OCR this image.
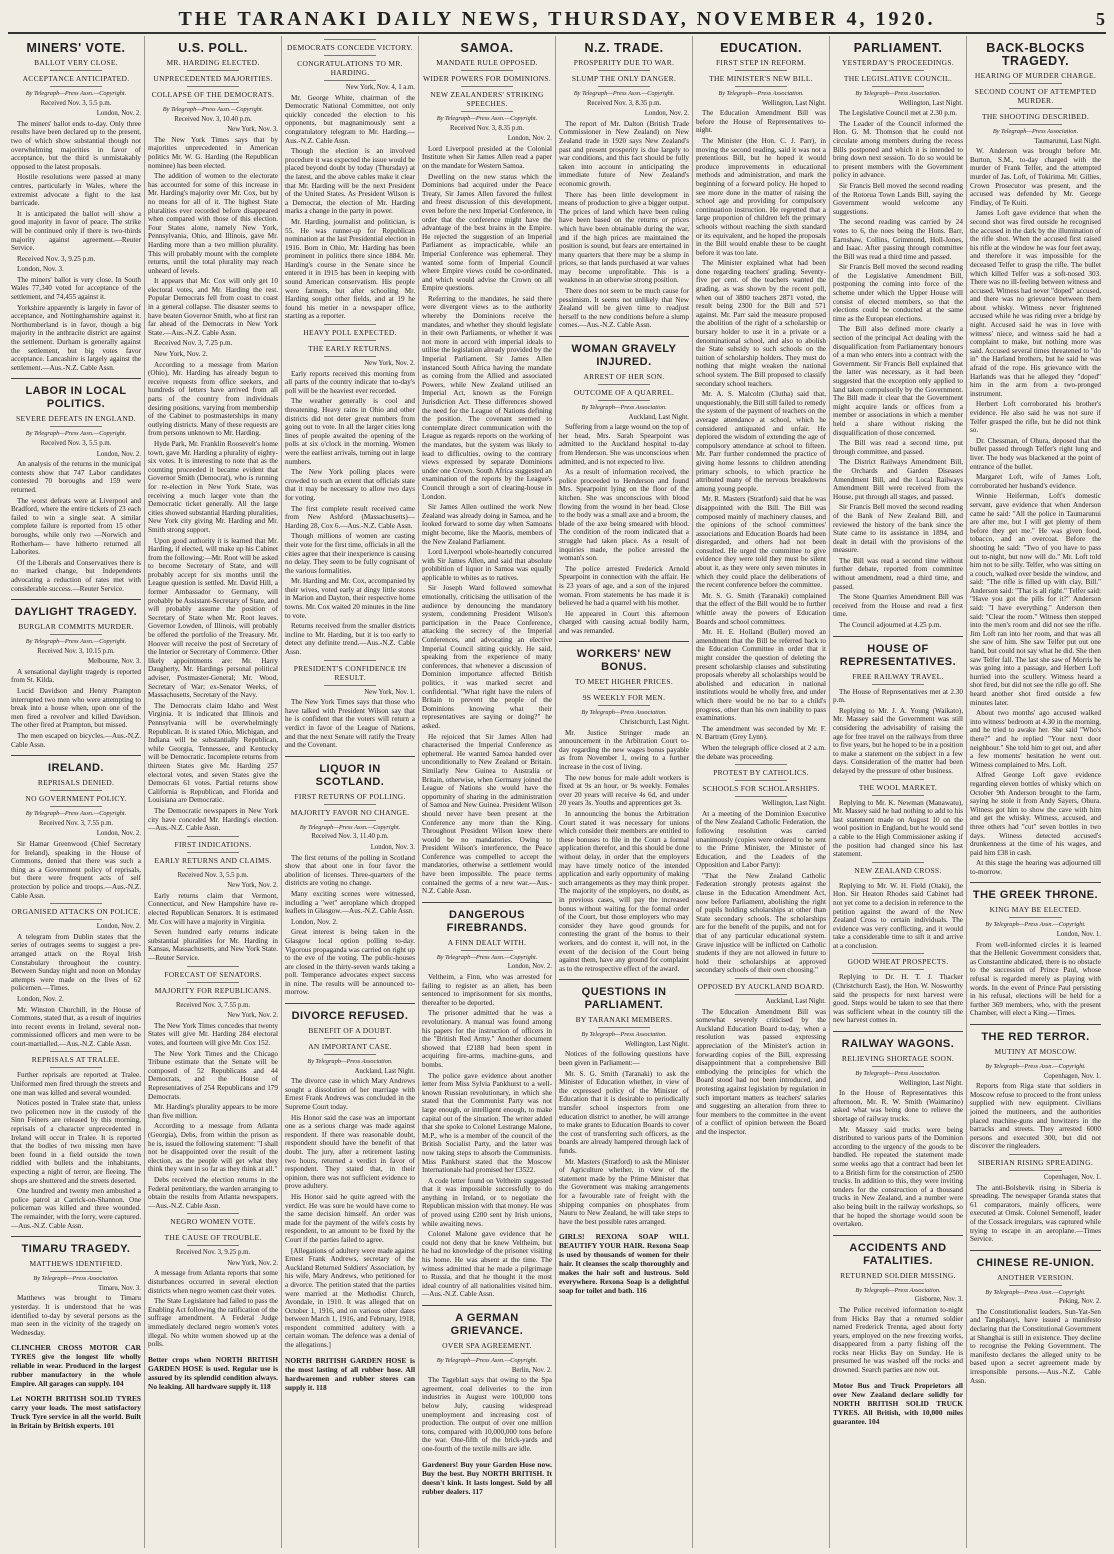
THE TARANAKI DAILY NEWS, THURSDAY, NOVEMBER 4, 1920.	5
MINERS' VOTE.
BALLOT VERY CLOSE.
ACCEPTANCE ANTICIPATED.
By Telegraph—Press Assn.—Copyright.
Received Nov. 3, 5.5 p.m.
London, Nov. 2.

The miners' ballot ends to-day. Only three results have been declared up to the present, two of which show substantial though not overwhelming majorities in favor of acceptance, but the third is unmistakably opposed to the latest proposals.

Hostile resolutions were passed at many centres, particularly in Wales, where the extremist advocate a fight to the last barricade.

It is anticipated the ballot will show a good majority in favor of peace. The strike will be continued only if there is two-thirds majority against agreement.—Reuter Service.

Received Nov. 3, 9.25 p.m.

London, Nov. 3.

The miners' ballot is very close. In South Wales 77,340 voted for acceptance of the settlement, and 74,455 against it.

Yorkshire apparently is largely in favor of acceptance, and Nottinghamshire against it. Northumberland is in favor, though a big majority in the anthracite district are against the settlement. Durham is generally against the settlement, but big votes favor acceptance. Lancashire is largely against the settlement.—Aus.-N.Z. Cable Assn.

LABOR IN LOCAL POLITICS.
SEVERE DEFEATS IN ENGLAND.
By Telegraph—Press Assn.—Copyright.
Received Nov. 3, 5.5 p.m.
London, Nov. 2.

An analysis of the returns in the municipal contests show that 747 Labor candidates contested 70 boroughs and 159 were returned.

The worst defeats were at Liverpool and Bradford, where the entire tickets of 23 each failed to win a single seat. A similar complete failure is reported from 15 other boroughs, while only two —Norwich and Rotherham— have hitherto returned all Laborites.

Of the Liberals and Conservatives there is no marked change, but Independents advocating a reduction of rates met with considerable success.—Reuter Service.

DAYLIGHT TRAGEDY.
BURGLAR COMMITS MURDER.
By Telegraph—Press Assn.—Copyright.
Received Nov. 3, 10.15 p.m.
Melbourne, Nov. 3.

A sensational daylight tragedy is reported from St. Kilda.

Lucid Davidson and Henry Prampton interrupted two men who were attempting to break into a house when, upon one of the men fired a revolver and killed Davidson. The other fired at Prampton, but missed.

The men escaped on bicycles.—Aus.-N.Z. Cable Assn.

IRELAND.
REPRISALS DENIED.
NO GOVERNMENT POLICY.
By Telegraph—Press Assn.—Copyright.
Received Nov. 3, 7.55 p.m.
London, Nov. 2.

Sir Hamar Greenwood (Chief Secretary for Ireland), speaking in the House of Commons, denied that there was such a thing as a Government policy of reprisals, but there were frequent acts of self protection by police and troops.—Aus.-N.Z. Cable Assn.

ORGANISED ATTACKS ON POLICE.
London, Nov. 2.

A telegram from Dublin states that the series of outrages seems to suggest a pre-arranged attack on the Royal Irish Constabulary throughout the country. Between Sunday night and noon on Monday attempts were made on the lives of 62 policemen.—Times.

London, Nov. 2.

Mr. Winston Churchill, in the House of Commons, stated that, as a result of inquiries into recent events in Ireland, several non-commissioned officers and men were to be court-martialled.—Aus.-N.Z. Cable Assn.

REPRISALS AT TRALEE.

Further reprisals are reported at Tralee. Uniformed men fired through the streets and one man was killed and several wounded.

Notices posted in Tralee state that, unless two policemen now in the custody of the Sinn Feiners are released by this morning, reprisals of a character unprecedented in Ireland will occur in Tralee. It is reported that the bodies of two missing men have been found in a field outside the town riddled with bullets and the inhabitants, expecting a night of terror, are fleeing. The shops are shuttered and the streets deserted.

One hundred and twenty men ambushed a police patrol at Carrick-on-Shannon. One policeman was killed and three wounded. The remainder, with the lorry, were captured.—Aus.-N.Z. Cable Assn.

TIMARU TRAGEDY.
MATTHEWS IDENTIFIED.
By Telegraph—Press Association.
Timaru, Nov. 3.

Matthews was brought to Timaru yesterday. It is understood that he was identified to-day by several persons as the man seen in the vicinity of the tragedy on Wednesday.

CLINCHER CROSS MOTOR CAR TYRES give the longest life wholly reliable in wear. Produced in the largest rubber manufactory in the whole Empire. All garages can supply. 104
Let NORTH BRITISH SOLID TYRES carry your loads. The most satisfactory Truck Tyre service in all the world. Built in Britain by British experts. 101
U.S. POLL.
MR. HARDING ELECTED.
UNPRECEDENTED MAJORITIES.
COLLAPSE OF THE DEMOCRATS.
By Telegraph—Press Assn.—Copyright.
Received Nov. 3, 10.40 p.m.
New York, Nov. 3.

The New York Times says that by majorities unprecedented in American politics Mr. W. G. Harding (the Republican nominee) has been elected.

The addition of women to the electorate has accounted for some of this increase in Mr. Harding's majority over Mr. Cox, but by no means for all of it. The highest State pluralities ever recorded before disappeared when compared with those of this election. Four States alone, namely New York, Pennsylvania, Ohio, and Illinois, gave Mr. Harding more than a two million plurality. This will probably mount with the complete returns, until the total plurality may reach unheard of levels.

It appears that Mr. Cox will only get 10 electoral votes, and Mr. Harding the rest. Popular Democrats fell from coast to coast in a general collapse. The disaster seems to have beaten Governor Smith, who at first ran far ahead of the Democrats in New York State.—Aus.-N.Z. Cable Assn.

Received Nov. 3, 7.25 p.m.

New York, Nov. 2.

According to a message from Marion (Ohio), Mr. Harding has already begun to receive requests from office seekers, and hundreds of letters have arrived from all parts of the country from individuals desiring positions, varying from membership of the Cabinet to postmasterships in many outlying districts. Many of these requests are from persons unknown to Mr. Harding.

Hyde Park, Mr. Franklin Roosevelt's home town, gave Mr. Harding a plurality of eighty-six votes. It is interesting to note that as the counting proceeded it became evident that Governor Smith (Democrat), who is running for re-election in New York State, was receiving a much larger vote than the Democratic ticket generally. All the large cities showed substantial Harding pluralities, New York city giving Mr. Harding and Mr. Smith strong support.

Upon good authority it is learned that Mr. Harding, if elected, will make up his Cabinet from the following:—Mr. Root will be asked to become Secretary of State, and will probably accept for six months until the League question is settled. Mr. David Hill, a former Ambassador to Germany, will probably be Assistant-Secretary of State, and will probably assume the position of Secretary of State when Mr. Root leaves. Governor Lowden, of Illinois, will probably be offered the portfolio of the Treasury. Mr. Hoover will receive the post of Secretary of the Interior or Secretary of Commerce. Other likely appointments are: Mr. Harry Daugherty, Mr. Hardings personal political adviser, Postmaster-General; Mr. Wood, Secretary of War; ex-Senator Weeks, of Massachusetts, Secretary of the Navy.

The Democrats claim Idaho and West Virginia. It is indicated that Illinois and Pennsylvania will be overwhelmingly Republican. It is stated Ohio, Michigan, and Indiana will be substantially Republican, while Georgia, Tennessee, and Kentucky will be Democratic. Incomplete returns from thirteen States give Mr. Harding 257 electoral votes, and seven States give the Democrats 61 votes. Partial returns show California is Republican, and Florida and Louisiana are Democratic.

The Democratic newspapers in New York city have conceded Mr. Harding's election.—Aus.-N.Z. Cable Assn.

FIRST INDICATIONS.
EARLY RETURNS AND CLAIMS.
Received Nov. 3, 5.5 p.m.
New York, Nov. 2.

Early returns claim that Vermont, Connecticut, and New Hampshire have re-elected Republican Senators. It is estimated Mr. Cox will have a majority in Virginia.

Seven hundred early returns indicate substantial pluralities for Mr. Harding in Kansas, Massachusetts, and New York State.—Reuter Service.

FORECAST OF SENATORS.
MAJORITY FOR REPUBLICANS.
Received Nov. 3, 7.55 p.m.
New York, Nov. 2.

The New York Times concedes that twenty States will give Mr. Harding 284 electoral votes, and fourteen will give Mr. Cox 152.

The New York Times and the Chicago Tribune estimate that the Senate will be composed of 52 Republicans and 44 Democrats, and the House of Representatives of 254 Republicans and 179 Democrats.

Mr. Harding's plurality appears to be more than five million.

According to a message from Atlanta (Georgia), Debs, from within the prison as he is, issued the following statement: "I shall not be disappointed over the result of the election, as the people will get what they think they want in so far as they think at all."

Debs received the election returns in the Federal penitentiary, the warden arranging to obtain the results from Atlanta newspapers.—Aus.-N.Z. Cable Assn.

NEGRO WOMEN VOTE.
THE CAUSE OF TROUBLE.
Received Nov. 3, 9.25 p.m.
New York, Nov. 2.

A message from Atlanta reports that some disturbances occurred in several election districts when negro women cast their votes.

The State Legislature had failed to pass the Enabling Act following the ratification of the suffrage amendment. A Federal Judge immediately declared negro women's votes illegal. No white women showed up at the polls.

Better crops when NORTH BRITISH GARDEN HOSE is used. Regular use is assured by its splendid condition always. No leaking. All hardware supply it. 118
DEMOCRATS CONCEDE VICTORY.
CONGRATULATIONS TO MR. HARDING.
New York, Nov. 4, 1 a.m.

Mr. George White, chairman of the Democratic National Committee, not only quickly conceded the election to his opponents, but magnanimously sent a congratulatory telegram to Mr. Harding.—Aus.-N.Z. Cable Assn.

Though the election is an involved procedure it was expected the issue would be placed beyond doubt by today (Thursday) at the latest, and the above cables make it clear that Mr. Harding will be the next President of the United States. As President Wilson is a Democrat, the election of Mr. Harding marks a change in the party in power.

Mr. Harding, journalist and politician, is 55. He was runner-up for Republican nomination at the last Presidential election in 1916. Born in Ohio, Mr. Harding has been prominent in politics there since 1884. Mr. Harding's course in the Senate since he entered it in 1915 has been in keeping with sound American conservatism. His people were farmers, but after schooling Mr. Harding sought other fields, and at 19 he found his metier in a newspaper office, starting as a reporter.

HEAVY POLL EXPECTED.
THE EARLY RETURNS.
New York, Nov. 2.

Early reports received this morning from all parts of the country indicate that to-day's poll will be the heaviest ever recorded.

The weather generally is cool and threatening. Heavy rains in Ohio and other districts did not deter great numbers from going out to vote. In all the larger cities long lines of people awaited the opening of the polls at six o'clock in the morning. Women were the earliest arrivals, turning out in large numbers.

The New York polling places were crowded to such an extent that officials state that it may be necessary to allow two days for voting.

The first complete result received came from New Ashford (Massachusetts)—Harding 28, Cox 6.—Aus.-N.Z. Cable Assn.

Though millions of women are casting their vote for the first time, officials in all the cities agree that their inexperience is causing no delay. They seem to be fully cognisant of the various formalities.

Mr. Harding and Mr. Cox, accompanied by their wives, voted early at dingy little stores in Marion and Dayton, their respective home towns. Mr. Cox waited 20 minutes in the line to vote.

Returns received from the smaller districts incline to Mr. Harding, but it is too early to detect any definite trend.—Aus.-N.Z. Cable Assn.

PRESIDENT'S CONFIDENCE IN RESULT.
New York, Nov. 1.

The New York Times says that those who have talked with President Wilson say that he is confident that the voters will return a verdict in favor of the League of Nations, and that the next Senate will ratify the Treaty and the Covenant.

LIQUOR IN SCOTLAND.
FIRST RETURNS OF POLLING.
MAJORITY FAVOR NO CHANGE.
By Telegraph—Press Assn.—Copyright.
Received Nov. 3, 11.40 p.m.
London, Nov. 3.

The first returns of the polling in Scotland show that about one in four favor the abolition of licenses. Three-quarters of the districts are voting no change.

Many exciting scenes were witnessed, including a "wet" aeroplane which dropped leaflets in Glasgow.—Aus.-N.Z. Cable Assn.

London, Nov. 2.

Great interest is being taken in the Glasgow local option polling to-day. Vigorous propaganda was carried on right up to the eve of the voting. The public-houses are closed in the thirty-seven wards taking a poll. Temperance advocates expect success in nine. The results will be announced to-morrow.

DIVORCE REFUSED.
BENEFIT OF A DOUBT.
AN IMPORTANT CASE.
By Telegraph—Press Association.
Auckland, Last Night.

The divorce case in which Mary Andrews sought a dissolution of her marriage with Ernest Frank Andrews was concluded in the Supreme Court today.

His Honor said the case was an important one as a serious charge was made against respondent. If there was reasonable doubt, respondent should have the benefit of that doubt. The jury, after a retirement lasting two hours, returned a verdict in favor of respondent. They stated that, in their opinion, there was not sufficient evidence to prove adultery.

His Honor said he quite agreed with the verdict. He was sure he would have come to the same decision himself. An order was made for the payment of the wife's costs by respondent, to an amount to be fixed by the Court if the parties failed to agree.

[Allegations of adultery were made against Ernest Frank Andrews, secretary of the Auckland Returned Soldiers' Association, by his wife, Mary Andrews, who petitioned for a divorce. The petition stated that the parties were married at the Methodist Church, Avondale, in 1910. It was alleged that on October 1, 1916, and on various other dates between March 1, 1916, and February, 1918, respondent committed adultery with a certain woman. The defence was a denial of the allegations.]

NORTH BRITISH GARDEN HOSE is the most lasting of all rubber hose. All hardwaremen and rubber stores can supply it. 118
SAMOA.
MANDATE RULE OPPOSED.
WIDER POWERS FOR DOMINIONS.
NEW ZEALANDERS' STRIKING SPEECHES.
By Telegraph—Press Assn.—Copyright.
Received Nov. 3, 8.35 p.m.
London, Nov. 2.

Lord Liverpool presided at the Colonial Institute when Sir James Allen read a paper on the mandate for Western Samoa.

Dwelling on the new status which the Dominions had acquired under the Peace Treaty, Sir James Allen favored the fullest and freest discussion of this development, even before the next Imperial Conference, in order that the conference might have the advantage of the best brains in the Empire. He rejected the suggestion of an Imperial Parliament as impracticable, while an Imperial Conference was ephemeral. They wanted some form of Imperial Council where Empire views could be co-ordinated, and which would advise the Crown on all Empire questions.

Referring to the mandates, he said there were divergent views as to the authority whereby the Dominions receive the mandates, and whether they should legislate in their own Parliaments, or whether it was not more in accord with imperial ideals to utilise the legislation already provided by the Imperial Parliament. Sir James Allen instanced South Africa having the mandate as coming from the Allied and associated Powers, while New Zealand utilised an Imperial Act, known as the Foreign Jurisdiction Act. These differences showed the need for the League of Nations defining the position. The covenant seemed to contemplate direct communication with the League as regards reports on the working of the mandates, but the system was likely to lead to difficulties, owing to the contrary views expressed by separate Dominions under one Crown. South Africa suggested an examination of the reports by the League's Council through a sort of clearing-house in London.

Sir James Allen outlined the work New Zealand was already doing in Samoa, and he looked forward to some day when Samoans might become, like the Maoris, members of the New Zealand Parliament.

Lord Liverpool whole-heartedly concurred with Sir James Allen, and said that absolute prohibition of liquor in Samoa was equally applicable to whites as to natives.

Sir Joseph Ward followed somewhat emotionally, criticising the utilisation of the audience by denouncing the mandatory system, condemning President Wilson's participation in the Peace Conference, attacking the secrecy of the Imperial Conferences, and advocating an elective Imperial Council sitting quickly. He said, speaking from the experience of many conferences, that whenever a discussion of Dominion importance affected British politics, it was marked secret and confidential. "What right have the rulers of Britain to prevent the people of the Dominions knowing what their representatives are saying or doing?" he asked.

He rejoiced that Sir James Allen had characterised the Imperial Conference as ephemeral. He wanted Samoa handed over unconditionally to New Zealand or Britain. Similarly New Guinea to Australia or Britain, otherwise, when Germany joined the League of Nations she would have the opportunity of sharing in the administration of Samoa and New Guinea. President Wilson should never have been present at the Conference any more than the King. Throughout President Wilson knew there would be no mandatories. Owing to President Wilson's interference, the Peace Conference was compelled to accept the mandatories, otherwise a settlement would have been impossible. The peace terms contained the germs of a new war.—Aus.-N.Z. Cable Assn.

DANGEROUS FIREBRANDS.
A FINN DEALT WITH.
By Telegraph—Press Assn.—Copyright.
London, Nov. 2.

Veltheim, a Finn, who was arrested for failing to register as an alien, has been sentenced to imprisonment for six months, thereafter to be deported.

The prisoner admitted that he was a revolutionary. A manual was found among his papers for the instruction of officers in the "British Red Army." Another document showed that £2188 had been spent in acquiring fire-arms, machine-guns, and bombs.

The police gave evidence about another letter from Miss Sylvia Pankhurst to a well-known Russian revolutionary, in which she stated that the Communist Party was not large enough, or intelligent enough, to make capital out of the situation. The writer added that she spoke to Colonel Lestrange Malone, M.P., who is a member of the council of the British Socialist Party, and the latter was now taking steps to absorb the Communists. Miss Pankhurst stated that the Moscow Internationale had promised her £3522.

A code letter found on Veltheim suggested that it was impossible successfully to do anything in Ireland, or to negotiate the Republican mission with that money. He was of proved using £200 sent by Irish unions, while awaiting news.

Colonel Malone gave evidence that he could not deny that he knew Veltheim, but he had no knowledge of the prisoner visiting his home. He was absent at the time. The witness admitted that he made a pilgrimage to Russia, and that he thought it the most ideal country of all nationalities visited him.—Aus.-N.Z. Cable Assn.

A GERMAN GRIEVANCE.
OVER SPA AGREEMENT.
By Telegraph—Press Assn.—Copyright.
Berlin, Nov. 2.

The Tageblatt says that owing to the Spa agreement, coal deliveries to the iron industries in August were 100,000 tons below July, causing widespread unemployment and increasing cost of production. The output of over one million tons, compared with 10,000,000 tons before the war. One-fifth of the brick-yards and one-fourth of the textile mills are idle.

Gardeners! Buy your Garden Hose now. Buy the best. Buy NORTH BRITISH. It doesn't kink. It lasts longest. Sold by all rubber dealers. 117
N.Z. TRADE.
PROSPERITY DUE TO WAR.
SLUMP THE ONLY DANGER.
By Telegraph—Press Assn.—Copyright.
Received Nov. 3, 8.35 p.m.
London, Nov. 2.

The report of Mr. Dalton (British Trade Commissioner in New Zealand) on New Zealand trade in 1920 says New Zealand's past and present prosperity is due largely to war conditions, and this fact should be fully taken into account in anticipating the immediate future of New Zealand's economic growth.

There has been little development in means of production to give a bigger output. The prices of land which have been ruling have been based on the returns or prices which have been obtainable during the war, and if the high prices are maintained the position is sound, but fears are entertained in many quarters that there may be a slump in prices, so that lands purchased at war values may become unprofitable. This is a weakness in an otherwise strong position.

There does not seem to be much cause for pessimism. It seems not unlikely that New Zealand will be given time to readjust herself to the new conditions before a slump comes.—Aus.-N.Z. Cable Assn.

WOMAN GRAVELY INJURED.
ARREST OF HER SON.
OUTCOME OF A QUARREL.
By Telegraph—Press Association.
Auckland, Last Night.

Suffering from a large wound on the top of her head, Mrs. Sarah Spearpoint was admitted to the Auckland hospital to-day from Henderson. She was unconscious when admitted, and is not expected to live.

As a result of information received, the police proceeded to Henderson and found Mrs. Spearpoint lying on the floor of the kitchen. She was unconscious with blood flowing from the wound in her head. Close to the body was a small axe and a broom, the blade of the axe being smeared with blood. The condition of the room indicated that a struggle had taken place. As a result of inquiries made, the police arrested the woman's son.

The police arrested Frederick Arnold Spearpoint in connection with the affair. He is 23 years of age, and a son of the injured woman. From statements he has made it is believed he had a quarrel with his mother.

He appeared in Court this afternoon charged with causing actual bodily harm, and was remanded.

WORKERS' NEW BONUS.
TO MEET HIGHER PRICES.
9S WEEKLY FOR MEN.
By Telegraph—Press Association.
Christchurch, Last Night.

Mr. Justice Stringer made an announcement in the Arbitration Court to-day regarding the new wages bonus payable as from November 1, owing to a further increase in the cost of living.

The new bonus for male adult workers is fixed at 9s an hour, or 9s weekly. Females over 20 years will receive 4s 6d, and under 20 years 3s. Youths and apprentices get 3s.

In announcing the bonus the Arbitration Court stated it was necessary for unions which consider their members are entitled to these bonuses to file in the Court a formal application therefor, and this should be done without delay, in order that the employers may have timely notice of the intended application and early opportunity of making such arrangements as they may think proper. The majority of the employers, no doubt, as in previous cases, will pay the increased bonus without waiting for the formal order of the Court, but those employers who may consider they have good grounds for contesting the grant of the bonus to their workers, and do contest it, will not, in the event of the decision of the Court being against them, have any ground for complaint as to the retrospective effect of the award.

QUESTIONS IN PARLIAMENT.
BY TARANAKI MEMBERS.
By Telegraph—Press Association.
Wellington, Last Night.

Notices of the following questions have been given in Parliament:—

Mr. S. G. Smith (Taranaki) to ask the Minister of Education whether, in view of the expressed policy of the Minister of Education that it is desirable to periodically transfer school inspectors from one education district to another, he will arrange to make grants to Education Boards to cover the cost of transferring such officers, as the boards are already hampered through lack of funds.

Mr. Masters (Stratford) to ask the Minister of Agriculture whether, in view of the statement made by the Prime Minister that the Government was making arrangements for a favourable rate of freight with the shipping companies on phosphates from Nauru to New Zealand, he will take steps to have the best possible rates arranged.

GIRLS! REXONA SOAP WILL BEAUTIFY YOUR HAIR. Rexona Soap is used by thousands of women for their hair. It cleanses the scalp thoroughly and makes the hair soft and lustrous. Sold everywhere. Rexona Soap is a delightful soap for toilet and bath. 116
EDUCATION.
FIRST STEP IN REFORM.
THE MINISTER'S NEW BILL.
By Telegraph—Press Association.
Wellington, Last Night.

The Education Amendment Bill was before the House of Representatives to-night.

The Minister (the Hon. C. J. Parr), in moving the second reading, said it was not a pretentious Bill, but he hoped it would produce improvements in educational methods and administration, and mark the beginning of a forward policy. He hoped to see more done in the matter of raising the school age and providing for compulsory continuation instruction. He regretted that a large proportion of children left the primary schools without reaching the sixth standard or its equivalent, and he hoped the proposals in the Bill would enable these to be caught before it was too late.

The Minister explained what had been done regarding teachers' grading. Seventy-five per cent. of the teachers wanted the grading, as was shown by the recent poll, when out of 3800 teachers 2871 voted, the result being 2300 for the Bill and 571 against. Mr. Parr said the measure proposed the abolition of the right of a scholarship or bursary holder to use it in a private or a denominational school, and also to abolish the State subsidy to such schools on the tuition of scholarship holders. They must do nothing that might weaken the national school system. The Bill proposed to classify secondary school teachers.

Mr. A. S. Malcolm (Clutha) said that, unquestionably, the Bill still failed to remedy the system of the payment of teachers on the average attendance at school, which he considered antiquated and unfair. He deplored the wisdom of extending the age of compulsory attendance at school to fifteen. Mr. Parr further condemned the practice of giving home lessons to children attending primary schools, to which practice he attributed many of the nervous breakdowns among young people.

Mr. R. Masters (Stratford) said that he was disappointed with the Bill. The Bill was composed mainly of machinery clauses, and the opinions of the school committees' associations and Education Boards had been disregarded, and others had not been consulted. He urged the committee to give evidence they were told they must be silent about it, as they were only seven minutes in which they could place the deliberations of the recent conference before the committee.

Mr. S. G. Smith (Taranaki) complained that the effect of the Bill would be to further whittle away the powers of Education Boards and school committees.

Mr. H. E. Holland (Buller) moved an amendment that the Bill be referred back to the Education Committee in order that it might consider the question of deleting the present scholarship clauses and substituting proposals whereby all scholarships would be abolished and education in national institutions would be wholly free, and under which there would be no bar to a child's progress, other than his own inability to pass examinations.

The amendment was seconded by Mr. F. N. Bartram (Grey Lynn).

When the telegraph office closed at 2 a.m. the debate was proceeding.

PROTEST BY CATHOLICS.
SCHOOLS FOR SCHOLARSHIPS.
Wellington, Last Night.

At a meeting of the Dominion Executive of the New Zealand Catholic Federation, the following resolution was carried unanimously (copies were ordered to be sent to the Prime Minister, the Minister of Education, and the Leaders of the Opposition and Labor Party):

"That the New Zealand Catholic Federation strongly protests against the clause in the Education Amendment Act, now before Parliament, abolishing the right of pupils holding scholarships at other than State secondary schools. The scholarships are for the benefit of the pupils, and not for that of any particular educational system. Grave injustice will be inflicted on Catholic students if they are not allowed in future to hold their scholarships at approved secondary schools of their own choosing."

OPPOSED BY AUCKLAND BOARD.
Auckland, Last Night.

The Education Amendment Bill was somewhat severely criticised by the Auckland Education Board to-day, when a resolution was passed expressing appreciation of the Minister's action in forwarding copies of the Bill, expressing disappointment that a comprehensive Bill embodying the principles for which the Board stood had not been introduced, and protesting against legislation by regulation in such important matters as teachers' salaries and suggesting an alteration from three to four members to the committee in the event of a conflict of opinion between the Board and the inspector.

PARLIAMENT.
YESTERDAY'S PROCEEDINGS.
THE LEGISLATIVE COUNCIL.
By Telegraph—Press Association.
Wellington, Last Night.

The Legislative Council met at 2.30 p.m.

The Leader of the Council informed the Hon. G. M. Thomson that he could not circulate among members during the recess Bills postponed and which it is intended to bring down next session. To do so would be to present members with the Government policy in advance.

Sir Francis Bell moved the second reading of the Rotorua Town Lands Bill, saying the Government would welcome any suggestions.

The second reading was carried by 24 votes to 6, the noes being the Hons. Barr, Earnshaw, Collins, Grimmond, Holl-Jones, and Isaac. After passing through committee the Bill was read a third time and passed.

Sir Francis Bell moved the second reading of the Legislative Amendment Bill, postponing the coming into force of the scheme under which the Upper House will consist of elected members, so that the elections could be conducted at the same time as the European elections.

The Bill also defined more clearly a section of the principal Act dealing with the disqualification from Parliamentary honours of a man who enters into a contract with the Government. Sir Francis Bell explained that the latter was necessary, as it had been suggested that the exception only applied to land taken compulsorily by the Government. The Bill made it clear that the Government might acquire lands or offices from a member or associations in which a member held a share without risking the disqualification of those concerned.

The Bill was read a second time, put through committee, and passed.

The District Railways Amendment Bill, the Orchards and Garden Diseases Amendment Bill, and the Local Railways Amendment Bill were received from the House, put through all stages, and passed.

Sir Francis Bell moved the second reading of the Bank of New Zealand Bill, and reviewed the history of the bank since the State came to its assistance in 1894, and dealt in detail with the provisions of the measure.

The Bill was read a second time without further debate, reported from committee without amendment, read a third time, and passed.

The Stone Quarries Amendment Bill was received from the House and read a first time.

The Council adjourned at 4.25 p.m.

HOUSE OF REPRESENTATIVES.
FREE RAILWAY TRAVEL.

The House of Representatives met at 2.30 p.m.

Replying to Mr. J. A. Young (Waikato), Mr. Massey said the Government was still considering the advisability of raising the age for free travel on the railways from three to five years, but he hoped to be in a position to make a statement on the subject in a few days. Consideration of the matter had been delayed by the pressure of other business.

THE WOOL MARKET.

Replying to Mr. K. Newman (Manawatu), Mr. Massey said he had nothing to add to his last statement made on August 10 on the wool position in England, but he would send a cable to the High Commissioner asking if the position had changed since his last statement.

NEW ZEALAND CROSS.

Replying to Mr. W. H. Field (Otaki), the Hon. Sir Heaton Rhodes said Cabinet had not yet come to a decision in reference to the petition against the award of the New Zealand Cross to certain individuals. The evidence was very conflicting, and it would take a considerable time to sift it and arrive at a conclusion.

GOOD WHEAT PROSPECTS.

Replying to Dr. H. T. J. Thacker (Christchurch East), the Hon. W. Nosworthy said the prospects for next harvest were good. Steps would be taken to see that there was sufficient wheat in the country till the new harvest comes in.

RAILWAY WAGONS.
RELIEVING SHORTAGE SOON.
By Telegraph—Press Association.
Wellington, Last Night.

In the House of Representatives this afternoon, Mr. R. W. Smith (Waimarino) asked what was being done to relieve the shortage of railway trucks.

Mr. Massey said trucks were being distributed to various parts of the Dominion according to the urgency of the goods to be handled. He repeated the statement made some weeks ago that a contract had been let to a British firm for the construction of 2500 trucks. In addition to this, they were inviting tenders for the construction of a thousand trucks in New Zealand, and a number were also being built in the railway workshops, so that he hoped the shortage would soon be overtaken.

ACCIDENTS AND FATALITIES.
RETURNED SOLDIER MISSING.
By Telegraph—Press Association.
Gisborne, Nov. 3.

The Police received information to-night from Hicks Bay that a returned soldier named Frederick Trenna, aged about forty years, employed on the new freezing works, disappeared from a party fishing off the rocks near Hicks Bay on Sunday. He is presumed he was washed off the rocks and drowned. Search parties are now out.

Motor Bus and Truck Proprietors all over New Zealand declare solidly for NORTH BRITISH SOLID TRUCK TYRES. All British, with 10,000 miles guarantee. 104
BACK-BLOCKS TRAGEDY.
HEARING OF MURDER CHARGE.
SECOND COUNT OF ATTEMPTED MURDER.
THE SHOOTING DESCRIBED.
By Telegraph—Press Association.
Taumarunui, Last Night.

W. Anderson was brought before Mr. Burton, S.M., to-day charged with the murder of Frank Telfer, and the attempted murder of Jas. Loft, of Tokirima. Mr. Gillies, Crown Prosecutor was present, and the accused was defended by Mr. George Findlay, of Te Kuiti.

James Loft gave evidence that when the second shot was fired outside he recognised the accused in the dark by the illumination of the rifle shot. When the accused first raised his rifle at the window he was four feet away, and therefore it was impossible for the deceased Telfer to grasp the rifle. The bullet which killed Telfer was a soft-nosed 303. There was no ill-feeling between witness and accused. Witness had never "doped" accused, and there was no grievance between them about whisky. Witness never frightened accused while he was riding over a bridge by night. Accused said he was in love with witness' niece, and witness said he had a complaint to make, but nothing more was said. Accused several times threatened to "do in" the Harland brothers, but he said he was afraid of the rope. His grievance with the Harlands was that he alleged they "doped" him in the arm from a two-pronged instrument.

Herbert Loft corroborated his brother's evidence. He also said he was not sure if Telfer grasped the rifle, but he did not think so.

Dr. Chessman, of Ohura, deposed that the bullet passed through Telfer's right lung and liver. The body was blackened at the point of entrance of the bullet.

Margaret Loft, wife of James Loft, corroborated her husband's evidence.

Winnie Heiferman, Loft's domestic servant, gave evidence that when Anderson came he said: "All the police in Taumarunui are after me, but I will get plenty of them before they get me." He was given food, tobacco, and an overcoat. Before the shooting he said: "Two of you have to pass out to-night, but now will do." Mr. Loft told him not to be silly. Telfer, who was sitting on a couch, walked over beside the window, and said: "The rifle is filled up with clay, Bill." Anderson said: "That is all right." Telfer said: "Have you got the pills for it?" Anderson said: "I have everything." Anderson then said: "Clear the room." Witness then stepped into the men's room and did not see the rifle. Jim Loft ran into her room, and that was all she saw of him. She saw Telfer put out one hand, but could not say what he did. She then saw Telfer fall. The last she saw of Morris he was going into a passage, and Herbert Loft hurried into the scullery. Witness heard a shot fired, but did not see the rifle go off. She heard another shot fired outside a few minutes later.

About two months' ago accused walked into witness' bedroom at 4.30 in the morning, and he tried to awake her. She said "Who's there?" and he replied "Your next door neighbour." She told him to get out, and after a few moments' hesitation he went out. Witness complained to Mrs. Loft.

Alfred George Loft gave evidence regarding eleven bottles of whisky which on October 9th Anderson brought to the farm, saying he stole it from Andy Sayers, Ohura. Witness got him to show the cave with him and get the whisky. Witness, accused, and three others had "cut" seven bottles in two days. Witness detected accused's drunkenness at the time of his wages, and paid him £38 in cash.

At this stage the hearing was adjourned till to-morrow.

THE GREEK THRONE.
KING MAY BE ELECTED.
By Telegraph—Press Assn.—Copyright.
London, Nov. 1.

From well-informed circles it is learned that the Hellenic Government considers that, as Constantine abdicated, there is no obstacle to the succession of Prince Paul, whose refusal is regarded merely as playing with words. In the event of Prince Paul persisting in his refusal, elections will be held for a further 369 members, who, with the present Chamber, will elect a King.—Times.

THE RED TERROR.
MUTINY AT MOSCOW.
By Telegraph—Press Assn.—Copyright.
Copenhagen, Nov. 1.

Reports from Riga state that soldiers in Moscow refuse to proceed to the front unless supplied with new equipment. Civilians joined the mutineers, and the authorities placed machine-guns and howitzers in the barracks and streets. They arrested 6000 persons and executed 300, but did not discover the ringleaders.

SIBERIAN RISING SPREADING.
Copenhagen, Nov. 1.

The anti-Bolshevik rising in Siberia is spreading. The newspaper Granda states that 61 comparators, mainly officers, were executed at Omsk. Colonel Semenoff, leader of the Cossack irregulars, was captured while trying to escape in an aeroplane.—Times Service.

CHINESE RE-UNION.
ANOTHER VERSION.
By Telegraph—Press Assn.—Copyright.
Peking, Nov. 2.

The Constitutionalist leaders, Sun-Yat-Sen and Tangshaoyi, have issued a manifesto declaring that the Constitutional Government at Shanghai is still in existence. They decline to recognise the Peking Government. The manifesto declares the alleged unity to be based upon a secret agreement made by irresponsible persons.—Aus.-N.Z. Cable Assn.
